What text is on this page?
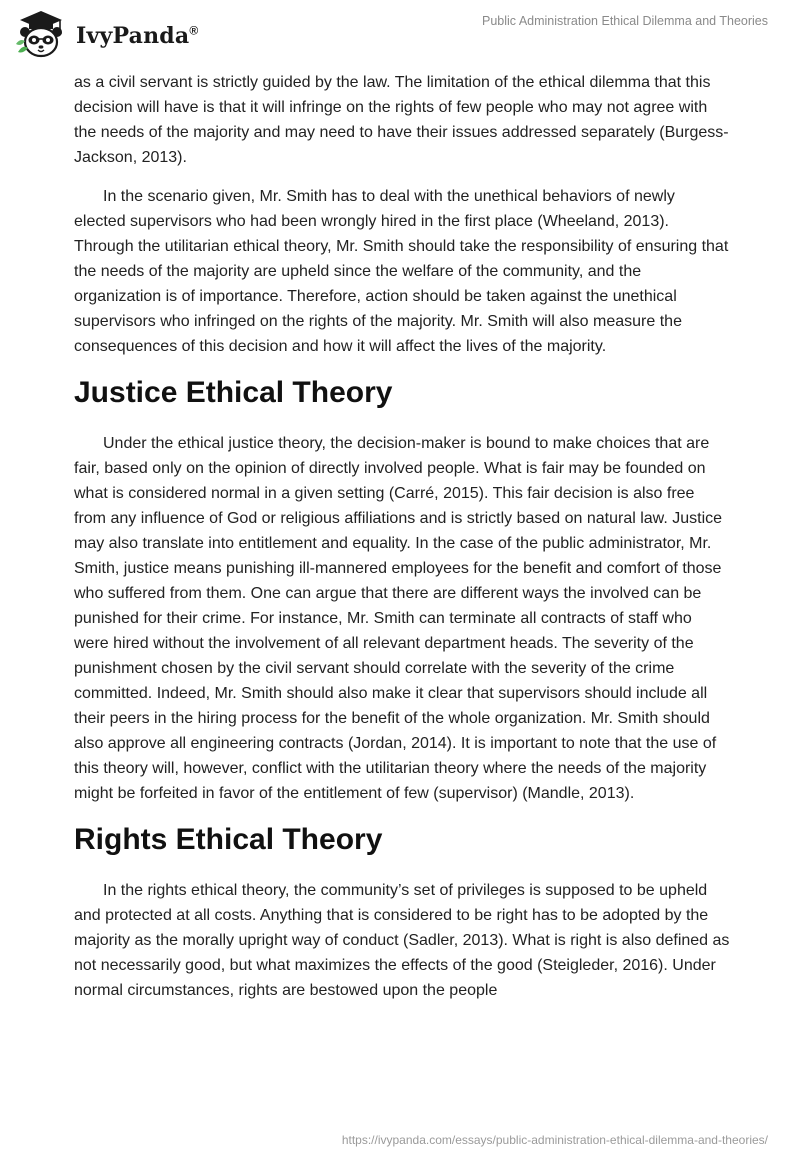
IvyPanda®
Public Administration Ethical Dilemma and Theories

as a civil servant is strictly guided by the law. The limitation of the ethical dilemma that this decision will have is that it will infringe on the rights of few people who may not agree with the needs of the majority and may need to have their issues addressed separately (Burgess-Jackson, 2013).

In the scenario given, Mr. Smith has to deal with the unethical behaviors of newly elected supervisors who had been wrongly hired in the first place (Wheeland, 2013). Through the utilitarian ethical theory, Mr. Smith should take the responsibility of ensuring that the needs of the majority are upheld since the welfare of the community, and the organization is of importance. Therefore, action should be taken against the unethical supervisors who infringed on the rights of the majority. Mr. Smith will also measure the consequences of this decision and how it will affect the lives of the majority.

Justice Ethical Theory

Under the ethical justice theory, the decision-maker is bound to make choices that are fair, based only on the opinion of directly involved people. What is fair may be founded on what is considered normal in a given setting (Carré, 2015). This fair decision is also free from any influence of God or religious affiliations and is strictly based on natural law. Justice may also translate into entitlement and equality. In the case of the public administrator, Mr. Smith, justice means punishing ill-mannered employees for the benefit and comfort of those who suffered from them. One can argue that there are different ways the involved can be punished for their crime. For instance, Mr. Smith can terminate all contracts of staff who were hired without the involvement of all relevant department heads. The severity of the punishment chosen by the civil servant should correlate with the severity of the crime committed. Indeed, Mr. Smith should also make it clear that supervisors should include all their peers in the hiring process for the benefit of the whole organization. Mr. Smith should also approve all engineering contracts (Jordan, 2014). It is important to note that the use of this theory will, however, conflict with the utilitarian theory where the needs of the majority might be forfeited in favor of the entitlement of few (supervisor) (Mandle, 2013).

Rights Ethical Theory

In the rights ethical theory, the community’s set of privileges is supposed to be upheld and protected at all costs. Anything that is considered to be right has to be adopted by the majority as the morally upright way of conduct (Sadler, 2013). What is right is also defined as not necessarily good, but what maximizes the effects of the good (Steigleder, 2016). Under normal circumstances, rights are bestowed upon the people

https://ivypanda.com/essays/public-administration-ethical-dilemma-and-theories/
